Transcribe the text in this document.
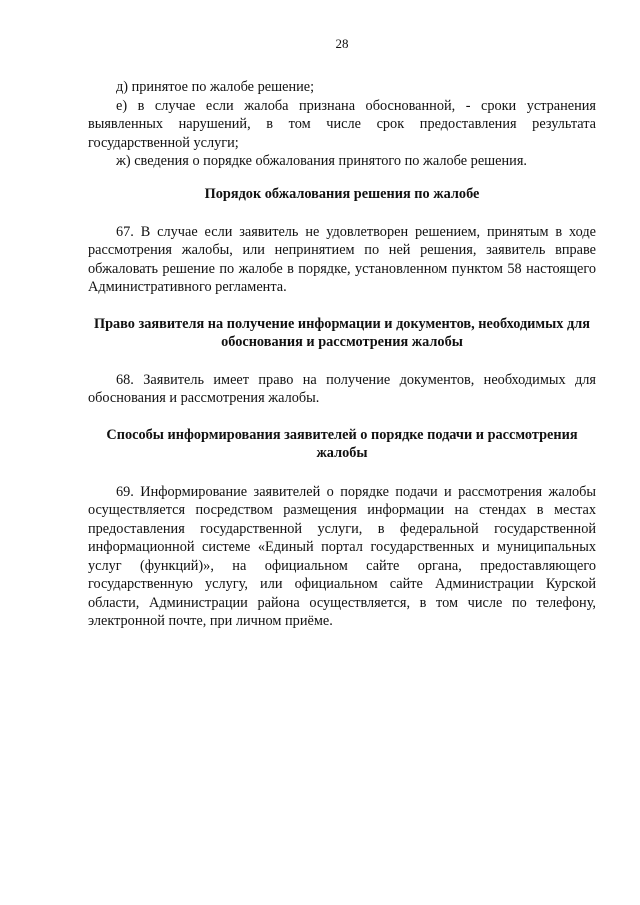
28

д) принятое по жалобе решение;

е) в случае если жалоба признана обоснованной, - сроки устранения выявленных нарушений, в том числе срок предоставления результата государственной услуги;

ж) сведения о порядке обжалования принятого по жалобе решения.

Порядок обжалования решения по жалобе

67. В случае если заявитель не удовлетворен решением, принятым в ходе рассмотрения жалобы, или непринятием по ней решения, заявитель вправе обжаловать решение по жалобе в порядке, установленном пунктом 58 настоящего Административного регламента.

Право заявителя на получение информации и документов, необходимых для обоснования и рассмотрения жалобы

68. Заявитель имеет право на получение документов, необходимых для обоснования и рассмотрения жалобы.

Способы информирования заявителей о порядке подачи и рассмотрения жалобы

69. Информирование заявителей о порядке подачи и рассмотрения жалобы осуществляется посредством размещения информации на стендах в местах предоставления государственной услуги, в федеральной государственной информационной системе «Единый портал государственных и муниципальных услуг (функций)», на официальном сайте органа, предоставляющего государственную услугу, или официальном сайте Администрации Курской области, Администрации района осуществляется, в том числе по телефону, электронной почте, при личном приёме.
